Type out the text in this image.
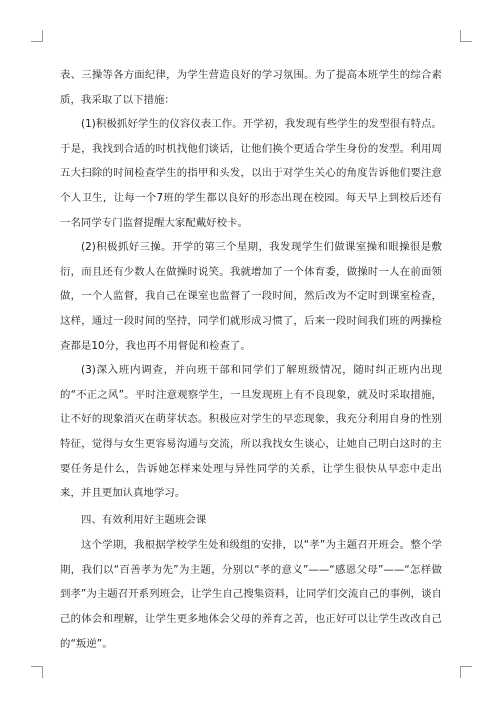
表、三操等各方面纪律，为学生营造良好的学习氛围。为了提高本班学生的综合素质，我采取了以下措施：

(1)积极抓好学生的仪容仪表工作。开学初，我发现有些学生的发型很有特点。于是，我找到合适的时机找他们谈话，让他们换个更适合学生身份的发型。利用周五大扫除的时间检查学生的指甲和头发，以出于对学生关心的角度告诉他们要注意个人卫生，让每一个7班的学生都以良好的形态出现在校园。每天早上到校后还有一名同学专门监督提醒大家配戴好校卡。

(2)积极抓好三操。开学的第三个星期，我发现学生们做课室操和眼操很是敷衍，而且还有少数人在做操时说笑。我就增加了一个体育委，做操时一人在前面领做，一个人监督，我自己在课室也监督了一段时间，然后改为不定时到课室检查，这样，通过一段时间的坚持，同学们就形成习惯了，后来一段时间我们班的两操检查都是10分，我也再不用督促和检查了。

(3)深入班内调查，并向班干部和同学们了解班级情况，随时纠正班内出现的“不正之风”。平时注意观察学生，一旦发现班上有不良现象，就及时采取措施，让不好的现象消灭在萌芽状态。积极应对学生的早恋现象，我充分利用自身的性别特征，觉得与女生更容易沟通与交流，所以我找女生谈心，让她自己明白这时的主要任务是什么，告诉她怎样来处理与异性同学的关系，让学生很快从早恋中走出来，并且更加认真地学习。

四、有效利用好主题班会课

这个学期，我根据学校学生处和级组的安排，以“孝”为主题召开班会。整个学期，我们以“百善孝为先”为主题，分别以“孝的意义”——“感恩父母”——“怎样做到孝”为主题召开系列班会，让学生自己搜集资料，让同学们交流自己的事例，谈自己的体会和理解，让学生更多地体会父母的养育之苦，也正好可以让学生改改自己的“叛逆”。
